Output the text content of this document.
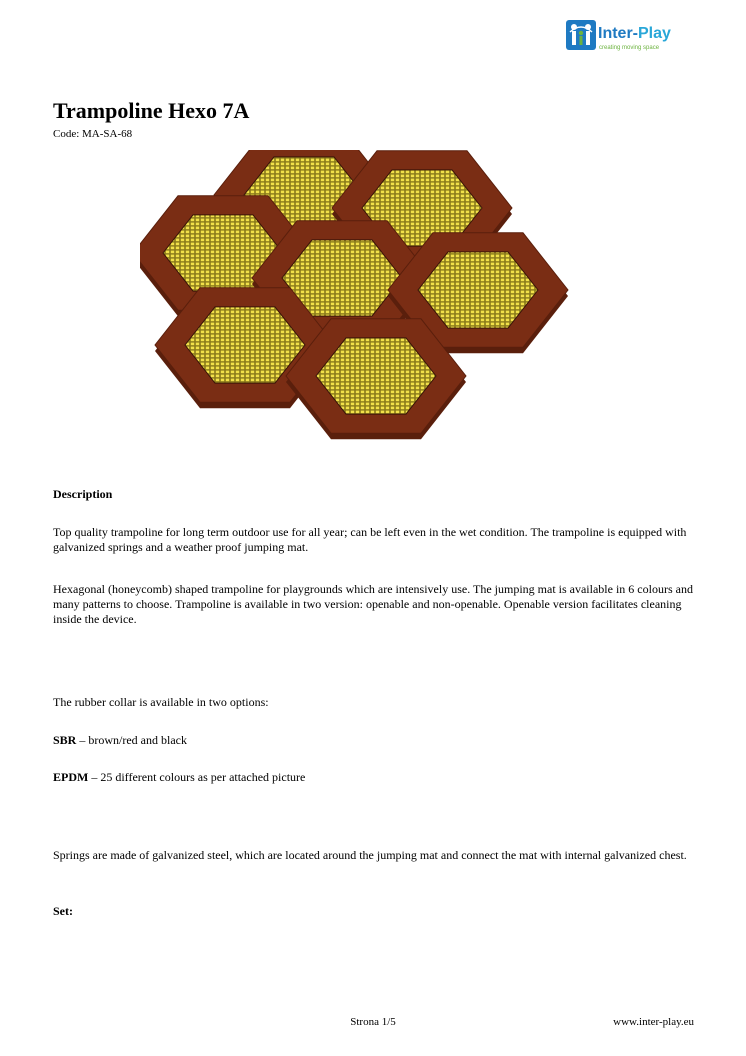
Inter-Play
creating moving space
Trampoline Hexo 7A
Code: MA-SA-68

Description

Top quality trampoline for long term outdoor use for all year; can be left even in the wet condition. The trampoline is equipped with galvanized springs and a weather proof jumping mat.

Hexagonal (honeycomb) shaped trampoline for playgrounds which are intensively use. The jumping mat is available in 6 colours and many patterns to choose. Trampoline is available in two version: openable and non-openable. Openable version facilitates cleaning inside the device.

The rubber collar is available in two options:

SBR – brown/red and black

EPDM – 25 different colours as per attached picture

Springs are made of galvanized steel, which are located around the jumping mat and connect the mat with internal galvanized chest.

Set:

Strona 1/5	www.inter-play.eu
